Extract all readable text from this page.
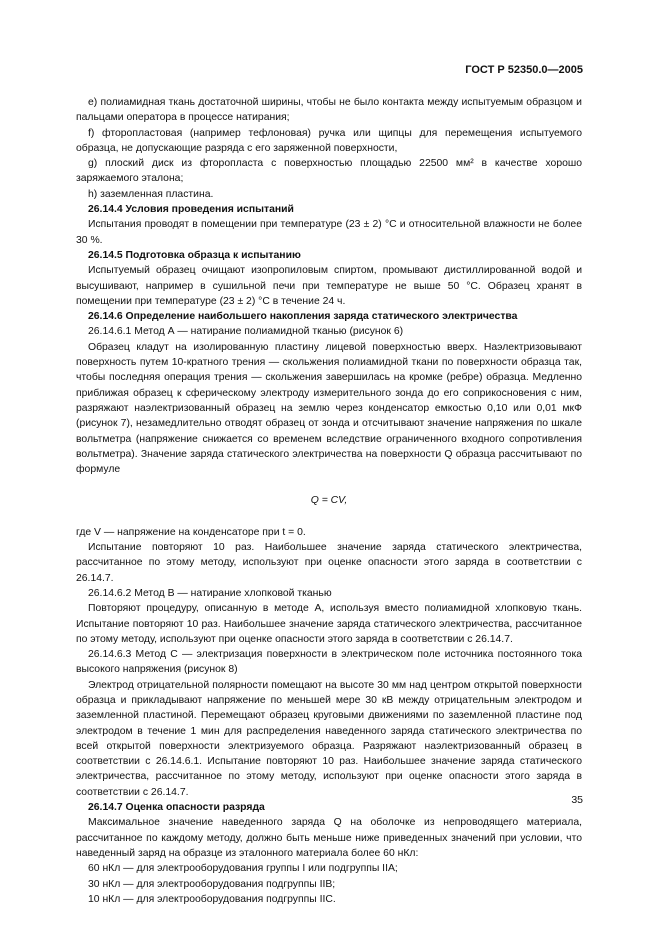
ГОСТ Р 52350.0—2005

e) полиамидная ткань достаточной ширины, чтобы не было контакта между испытуемым образцом и пальцами оператора в процессе натирания;

f) фторопластовая (например тефлоновая) ручка или щипцы для перемещения испытуемого образца, не допускающие разряда с его заряженной поверхности,

g) плоский диск из фторопласта с поверхностью площадью 22500 мм² в качестве хорошо заряжаемого эталона;

h) заземленная пластина.

26.14.4 Условия проведения испытаний

Испытания проводят в помещении при температуре (23 ± 2) °С и относительной влажности не более 30 %.

26.14.5 Подготовка образца к испытанию

Испытуемый образец очищают изопропиловым спиртом, промывают дистиллированной водой и высушивают, например в сушильной печи при температуре не выше 50 °С. Образец хранят в помещении при температуре (23 ± 2) °С в течение 24 ч.

26.14.6 Определение наибольшего накопления заряда статического электричества

26.14.6.1 Метод А — натирание полиамидной тканью (рисунок 6)

Образец кладут на изолированную пластину лицевой поверхностью вверх. Наэлектризовывают поверхность путем 10-кратного трения — скольжения полиамидной ткани по поверхности образца так, чтобы последняя операция трения — скольжения завершилась на кромке (ребре) образца. Медленно приближая образец к сферическому электроду измерительного зонда до его соприкосновения с ним, разряжают наэлектризованный образец на землю через конденсатор емкостью 0,10 или 0,01 мкФ (рисунок 7), незамедлительно отводят образец от зонда и отсчитывают значение напряжения по шкале вольтметра (напряжение снижается со временем вследствие ограниченного входного сопротивления вольтметра). Значение заряда статического электричества на поверхности Q образца рассчитывают по формуле

Q = CV,

где V — напряжение на конденсаторе при t = 0.

Испытание повторяют 10 раз. Наибольшее значение заряда статического электричества, рассчитанное по этому методу, используют при оценке опасности этого заряда в соответствии с 26.14.7.

26.14.6.2 Метод В — натирание хлопковой тканью

Повторяют процедуру, описанную в методе А, используя вместо полиамидной хлопковую ткань. Испытание повторяют 10 раз. Наибольшее значение заряда статического электричества, рассчитанное по этому методу, используют при оценке опасности этого заряда в соответствии с 26.14.7.

26.14.6.3 Метод С — электризация поверхности в электрическом поле источника постоянного тока высокого напряжения (рисунок 8)

Электрод отрицательной полярности помещают на высоте 30 мм над центром открытой поверхности образца и прикладывают напряжение по меньшей мере 30 кВ между отрицательным электродом и заземленной пластиной. Перемещают образец круговыми движениями по заземленной пластине под электродом в течение 1 мин для распределения наведенного заряда статического электричества по всей открытой поверхности электризуемого образца. Разряжают наэлектризованный образец в соответствии с 26.14.6.1. Испытание повторяют 10 раз. Наибольшее значение заряда статического электричества, рассчитанное по этому методу, используют при оценке опасности этого заряда в соответствии с 26.14.7.

26.14.7 Оценка опасности разряда

Максимальное значение наведенного заряда Q на оболочке из непроводящего материала, рассчитанное по каждому методу, должно быть меньше ниже приведенных значений при условии, что наведенный заряд на образце из эталонного материала более 60 нКл:

60 нКл — для электрооборудования группы I или подгруппы IIA;

30 нКл — для электрооборудования подгруппы IIB;

10 нКл — для электрооборудования подгруппы IIC.

35
